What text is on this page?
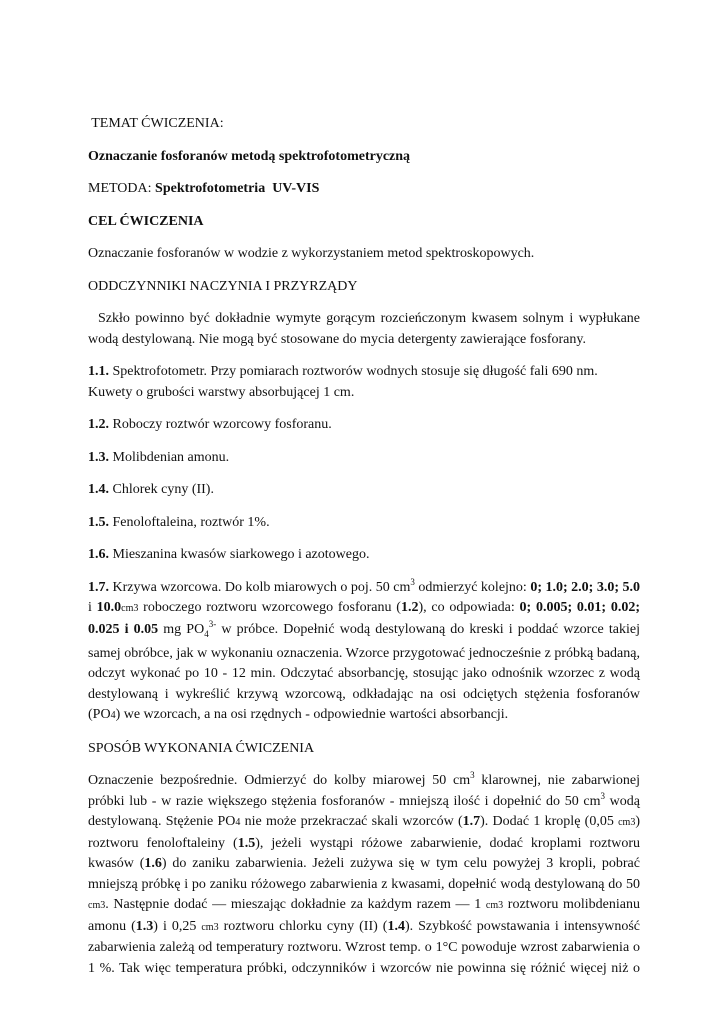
TEMAT ĆWICZENIA:

Oznaczanie fosforanów metodą spektrofotometryczną

METODA: Spektrofotometria  UV-VIS

CEL ĆWICZENIA

Oznaczanie fosforanów w wodzie z wykorzystaniem metod spektroskopowych.

ODDCZYNNIKI NACZYNIA I PRZYRZĄDY

Szkło powinno być dokładnie wymyte gorącym rozcieńczonym kwasem solnym i wypłukane

wodą destylowaną. Nie mogą być stosowane do mycia detergenty zawierające fosforany.

1.1. Spektrofotometr. Przy pomiarach roztworów wodnych stosuje się długość fali 690 nm.

Kuwety o grubości warstwy absorbującej 1 cm.

1.2. Roboczy roztwór wzorcowy fosforanu.

1.3. Molibdenian amonu.

1.4. Chlorek cyny (II).

1.5. Fenoloftaleina, roztwór 1%.

1.6. Mieszanina kwasów siarkowego i azotowego.

1.7. Krzywa wzorcowa. Do kolb miarowych o poj. 50 $cm^3$ odmierzyć kolejno: 0; 1.0; 2.0; 3.0; 5.0

i 10.0cm3 roboczego roztworu wzorcowego fosforanu (1.2), co odpowiada: 0; 0.005; 0.01; 0.02;

0.025 i 0.05 mg $PO_4^{3-}$ w próbce. Dopełnić wodą destylowaną do kreski i poddać wzorce takiej

samej obróbce, jak w wykonaniu oznaczenia. Wzorce przygotować jednocześnie z próbką badaną,

odczyt wykonać po 10 - 12 min. Odczytać absorbancję, stosując jako odnośnik wzorzec z wodą

destylowaną i wykreślić krzywą wzorcową, odkładając na osi odciętych stężenia fosforanów

(PO4) we wzorcach, a na osi rzędnych - odpowiednie wartości absorbancji.

SPOSÓB WYKONANIA ĆWICZENIA

Oznaczenie bezpośrednie. Odmierzyć do kolby miarowej 50 $cm^3$ klarownej, nie zabarwionej

próbki lub - w razie większego stężenia fosforanów - mniejszą ilość i dopełnić do 50 $cm^3$ wodą

destylowaną. Stężenie PO4 nie może przekraczać skali wzorców (1.7). Dodać 1 kroplę (0,05 cm3)

roztworu fenoloftaleiny (1.5), jeżeli wystąpi różowe zabarwienie, dodać kroplami roztworu

kwasów (1.6) do zaniku zabarwienia. Jeżeli zużywa się w tym celu powyżej 3 kropli, pobrać

mniejszą próbkę i po zaniku różowego zabarwienia z kwasami, dopełnić wodą destylowaną do 50

cm3. Następnie dodać — mieszając dokładnie za każdym razem — 1 cm3 roztworu molibdenianu

amonu (1.3) i 0,25 cm3 roztworu chlorku cyny (II) (1.4). Szybkość powstawania i intensywność

zabarwienia zależą od temperatury roztworu. Wzrost temp. o 1°C powoduje wzrost zabarwienia o

1 %. Tak więc temperatura próbki, odczynników i wzorców nie powinna się różnić więcej niż o
